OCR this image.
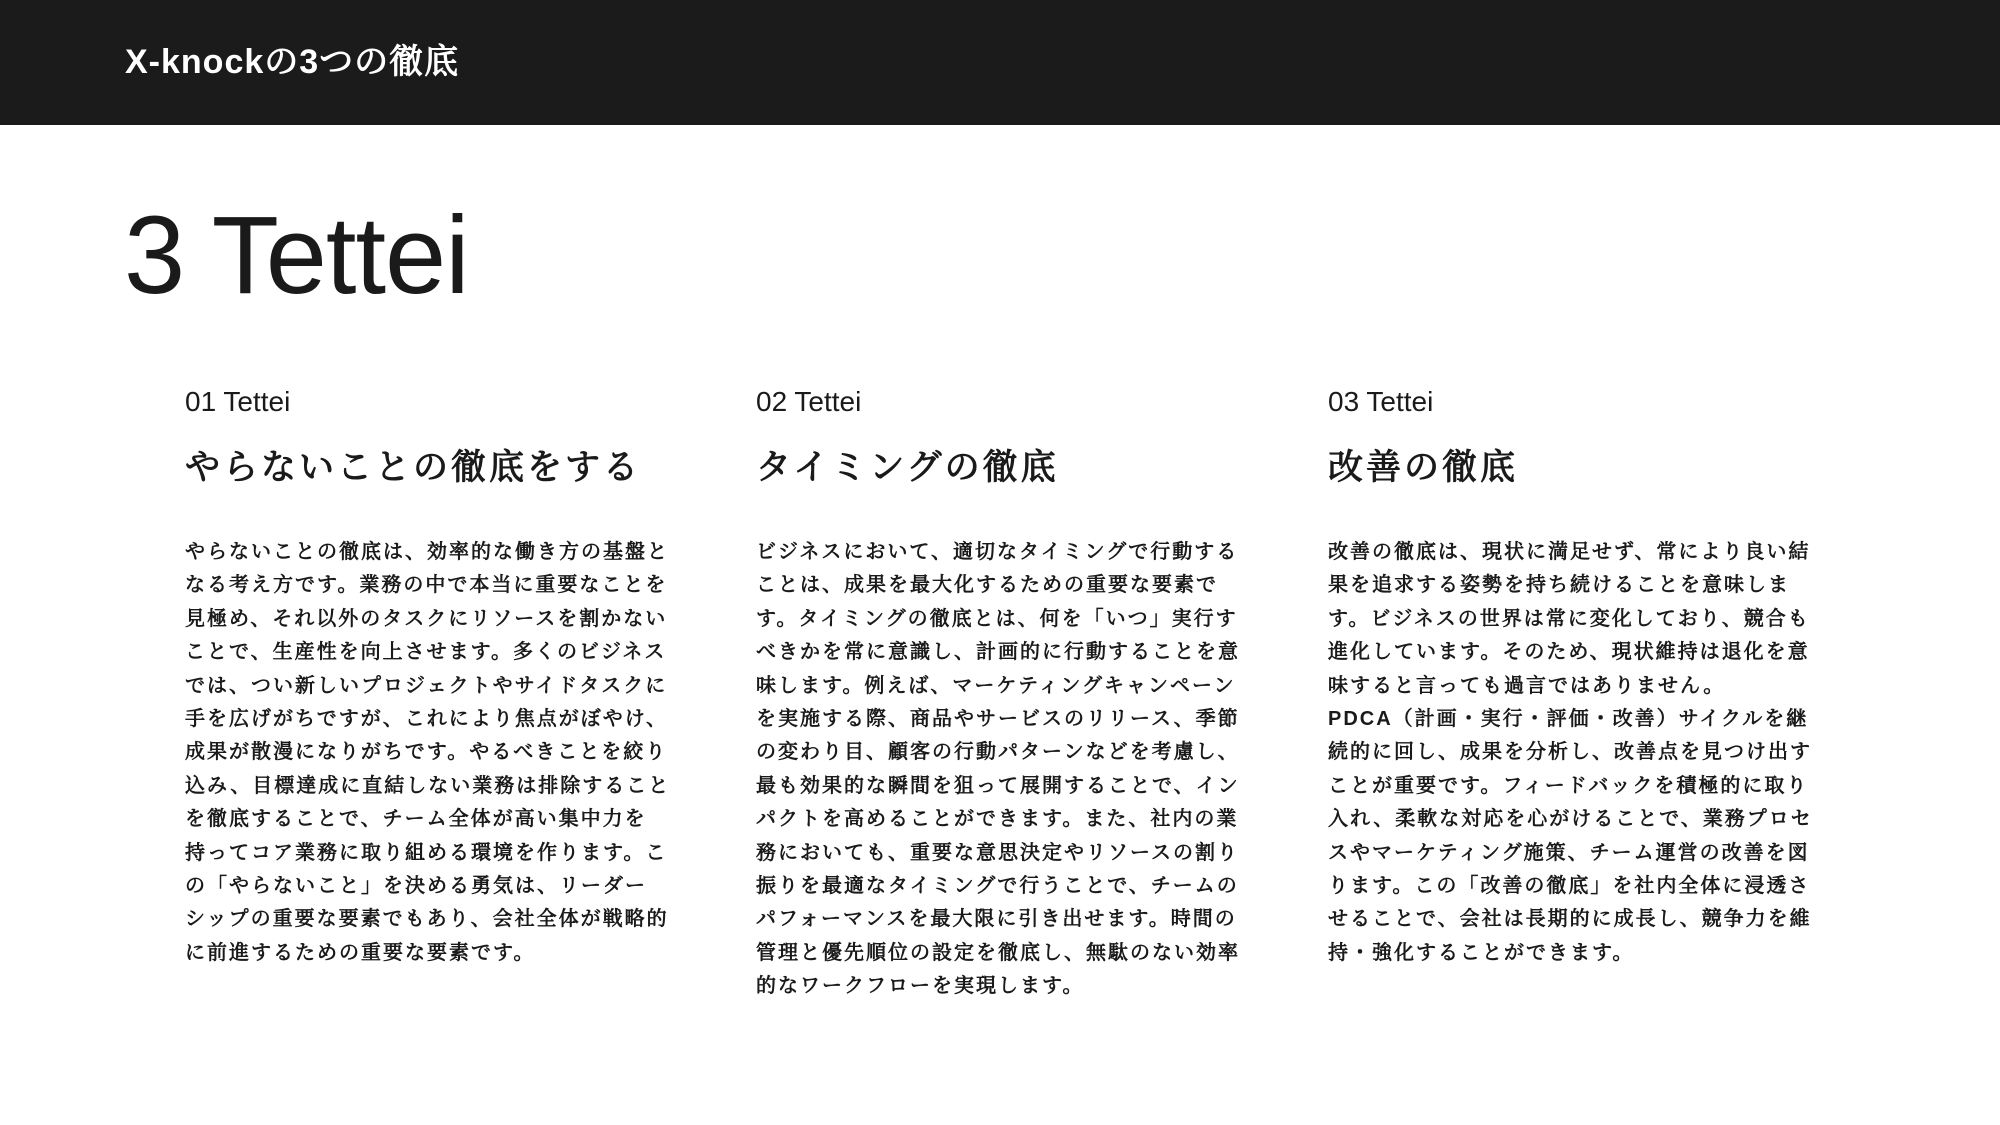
X-knockの3つの徹底
3 Tettei
01 Tettei
やらないことの徹底をする
やらないことの徹底は、効率的な働き方の基盤と
なる考え方です。業務の中で本当に重要なことを
見極め、それ以外のタスクにリソースを割かない
ことで、生産性を向上させます。多くのビジネス
では、つい新しいプロジェクトやサイドタスクに
手を広げがちですが、これにより焦点がぼやけ、
成果が散漫になりがちです。やるべきことを絞り
込み、目標達成に直結しない業務は排除すること
を徹底することで、チーム全体が高い集中力を
持ってコア業務に取り組める環境を作ります。こ
の「やらないこと」を決める勇気は、リーダー
シップの重要な要素でもあり、会社全体が戦略的
に前進するための重要な要素です。
02 Tettei
タイミングの徹底
ビジネスにおいて、適切なタイミングで行動する
ことは、成果を最大化するための重要な要素で
す。タイミングの徹底とは、何を「いつ」実行す
べきかを常に意識し、計画的に行動することを意
味します。例えば、マーケティングキャンペーン
を実施する際、商品やサービスのリリース、季節
の変わり目、顧客の行動パターンなどを考慮し、
最も効果的な瞬間を狙って展開することで、イン
パクトを高めることができます。また、社内の業
務においても、重要な意思決定やリソースの割り
振りを最適なタイミングで行うことで、チームの
パフォーマンスを最大限に引き出せます。時間の
管理と優先順位の設定を徹底し、無駄のない効率
的なワークフローを実現します。
03 Tettei
改善の徹底
改善の徹底は、現状に満足せず、常により良い結
果を追求する姿勢を持ち続けることを意味しま
す。ビジネスの世界は常に変化しており、競合も
進化しています。そのため、現状維持は退化を意
味すると言っても過言ではありません。
PDCA（計画・実行・評価・改善）サイクルを継
続的に回し、成果を分析し、改善点を見つけ出す
ことが重要です。フィードバックを積極的に取り
入れ、柔軟な対応を心がけることで、業務プロセ
スやマーケティング施策、チーム運営の改善を図
ります。この「改善の徹底」を社内全体に浸透さ
せることで、会社は長期的に成長し、競争力を維
持・強化することができます。
